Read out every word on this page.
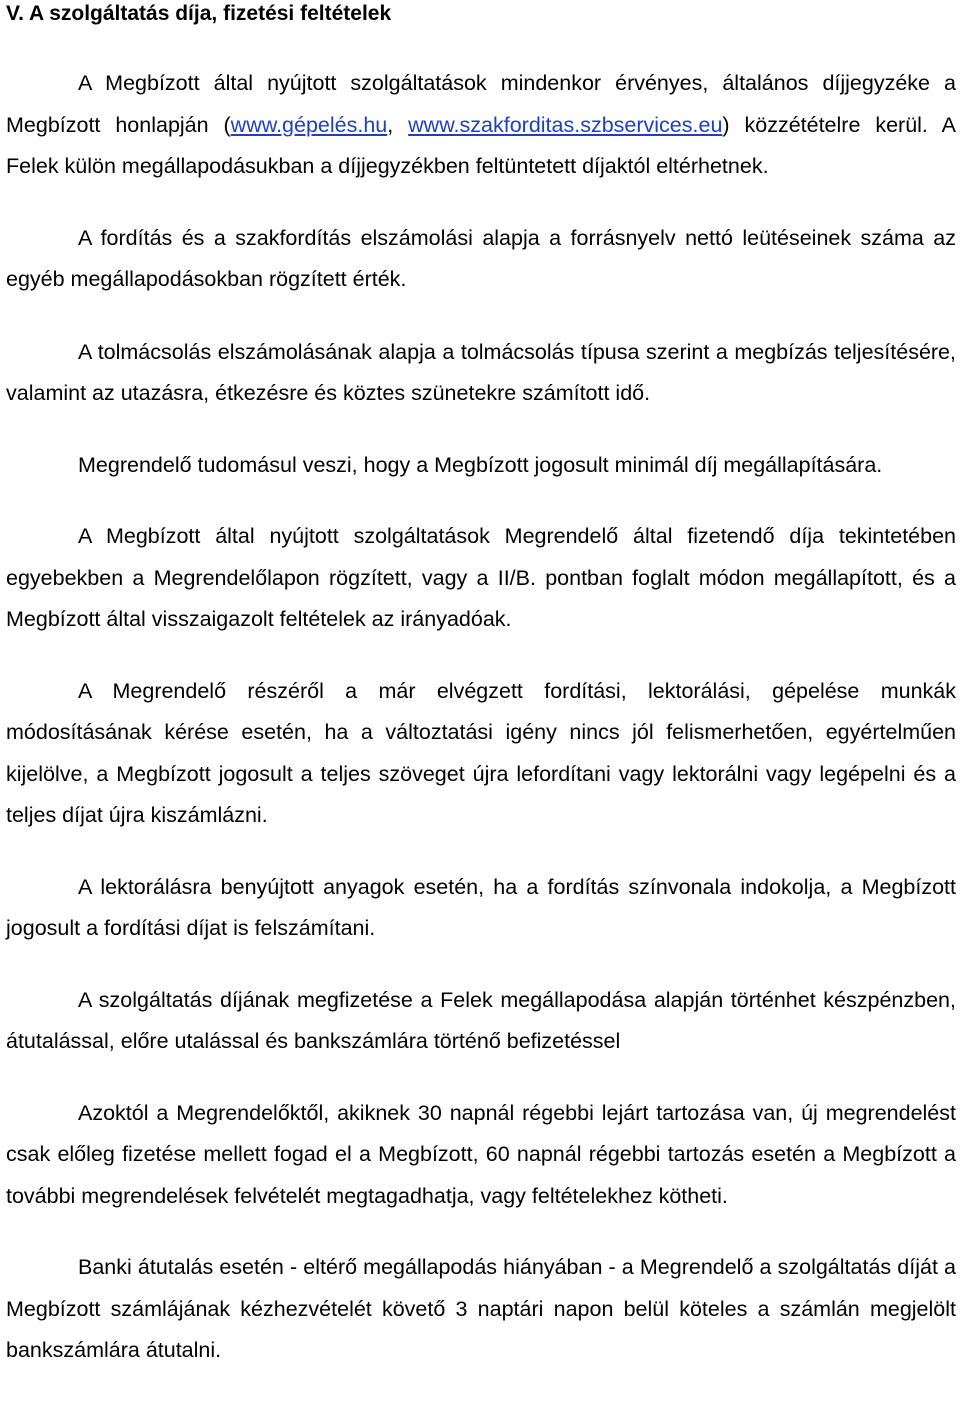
V. A szolgáltatás díja, fizetési feltételek

A Megbízott által nyújtott szolgáltatások mindenkor érvényes, általános díjjegyzéke a Megbízott honlapján (www.gépelés.hu, www.szakforditas.szbservices.eu) közzétételre kerül. A Felek külön megállapodásukban a díjjegyzékben feltüntetett díjaktól eltérhetnek.

A fordítás és a szakfordítás elszámolási alapja a forrásnyelv nettó leütéseinek száma az egyéb megállapodásokban rögzített érték.

A tolmácsolás elszámolásának alapja a tolmácsolás típusa szerint a megbízás teljesítésére, valamint az utazásra, étkezésre és köztes szünetekre számított idő.

Megrendelő tudomásul veszi, hogy a Megbízott jogosult minimál díj megállapítására.

A Megbízott által nyújtott szolgáltatások Megrendelő által fizetendő díja tekintetében egyebekben a Megrendelőlapon rögzített, vagy a II/B. pontban foglalt módon megállapított, és a Megbízott által visszaigazolt feltételek az irányadóak.

A Megrendelő részéről a már elvégzett fordítási, lektorálási, gépelése munkák módosításának kérése esetén, ha a változtatási igény nincs jól felismerhetően, egyértelműen kijelölve, a Megbízott jogosult a teljes szöveget újra lefordítani vagy lektorálni vagy legépelni és a teljes díjat újra kiszámlázni.

A lektorálásra benyújtott anyagok esetén, ha a fordítás színvonala indokolja, a Megbízott jogosult a fordítási díjat is felszámítani.

A szolgáltatás díjának megfizetése a Felek megállapodása alapján történhet készpénzben, átutalással, előre utalással és bankszámlára történő befizetéssel

Azoktól a Megrendelőktől, akiknek 30 napnál régebbi lejárt tartozása van, új megrendelést csak előleg fizetése mellett fogad el a Megbízott, 60 napnál régebbi tartozás esetén a Megbízott a további megrendelések felvételét megtagadhatja, vagy feltételekhez kötheti.

Banki átutalás esetén - eltérő megállapodás hiányában - a Megrendelő a szolgáltatás díját a Megbízott számlájának kézhezvételét követő 3 naptári napon belül köteles a számlán megjelölt bankszámlára átutalni.
